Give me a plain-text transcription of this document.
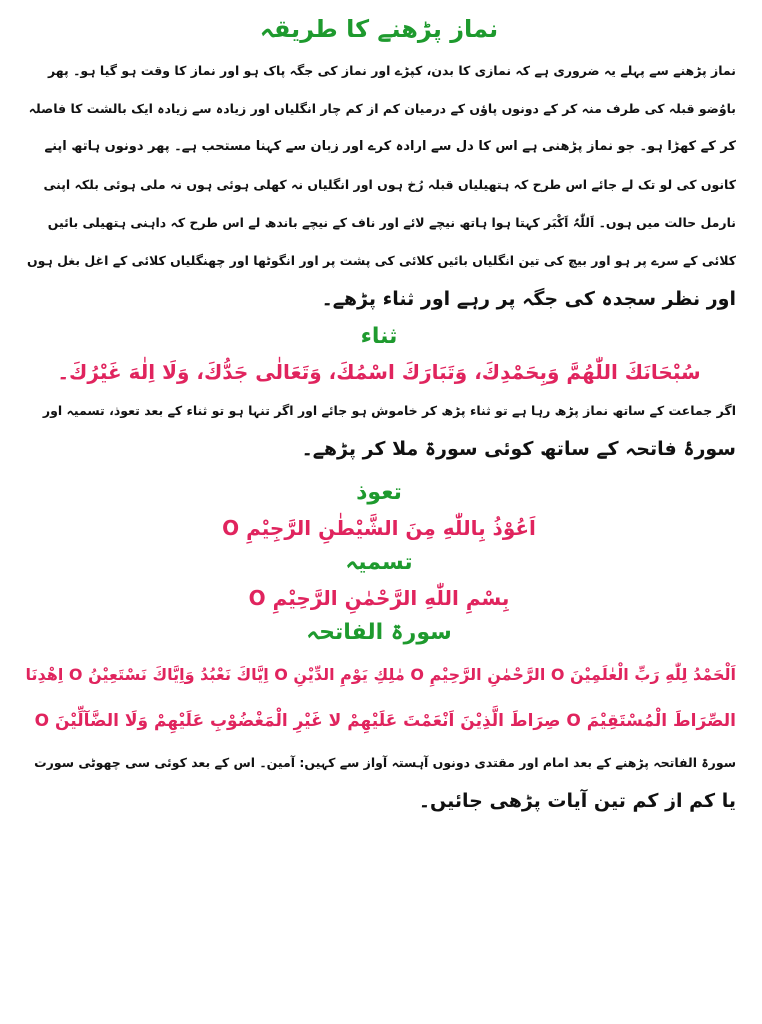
نماز پڑھنے کا طریقہ
نماز پڑھنے سے پہلے یہ ضروری ہے کہ نمازی کا بدن، کپڑے اور نماز کی جگہ پاک ہو اور نماز کا وقت ہو گیا ہو۔ پھر
باوُضو قبلہ کی طرف منہ کر کے دونوں پاؤں کے درمیان کم از کم چار انگلیاں اور زیادہ سے زیادہ ایک بالشت کا فاصلہ
کر کے کھڑا ہو۔ جو نماز پڑھنی ہے اس کا دل سے ارادہ کرے اور زبان سے کہنا مستحب ہے۔ پھر دونوں ہاتھ اپنے
کانوں کی لو تک لے جائے اس طرح کہ ہتھیلیاں قبلہ رُخ ہوں اور انگلیاں نہ کھلی ہوئی ہوں نہ ملی ہوئی بلکہ اپنی
نارمل حالت میں ہوں۔ اَللّٰہُ اَکْبَر کہتا ہوا ہاتھ نیچے لائے اور ناف کے نیچے باندھ لے اس طرح کہ داہنی ہتھیلی بائیں
کلائی کے سرے پر ہو اور بیچ کی تین انگلیاں بائیں کلائی کی پشت پر اور انگوٹھا اور چھنگلیاں کلائی کے اغل بغل ہوں
اور نظر سجدہ کی جگہ پر رہے اور ثناء پڑھے۔
ثناء

سُبْحَانَكَ اللّٰهُمَّ وَبِحَمْدِكَ، وَتَبَارَكَ اسْمُكَ، وَتَعَالٰى جَدُّكَ، وَلَا اِلٰهَ غَيْرُكَ۔

اگر جماعت کے ساتھ نماز پڑھ رہا ہے تو ثناء پڑھ کر خاموش ہو جائے اور اگر تنہا ہو تو ثناء کے بعد تعوذ، تسمیہ اور
سورۂ فاتحہ کے ساتھ کوئی سورۃ ملا کر پڑھے۔
تعوذ

اَعُوْذُ بِاللّٰهِ مِنَ الشَّيْطٰنِ الرَّجِيْمِ O

تسمیہ

بِسْمِ اللّٰهِ الرَّحْمٰنِ الرَّحِيْمِ O

سورۃ الفاتحہ
اَلْحَمْدُ لِلّٰهِ رَبِّ الْعٰلَمِيْنَ O الرَّحْمٰنِ الرَّحِيْمِ O مٰلِكِ يَوْمِ الدِّيْنِ O اِيَّاكَ نَعْبُدُ وَاِيَّاكَ نَسْتَعِيْنُ O اِهْدِنَا
الصِّرَاطَ الْمُسْتَقِيْمَ O صِرَاطَ الَّذِيْنَ اَنْعَمْتَ عَلَيْهِمْ لا غَيْرِ الْمَغْضُوْبِ عَلَيْهِمْ وَلَا الضَّآلِّيْنَ O
سورۃ الفاتحہ پڑھنے کے بعد امام اور مقتدی دونوں آہستہ آواز سے کہیں: آمین۔ اس کے بعد کوئی سی چھوٹی سورت
یا کم از کم تین آیات پڑھی جائیں۔
